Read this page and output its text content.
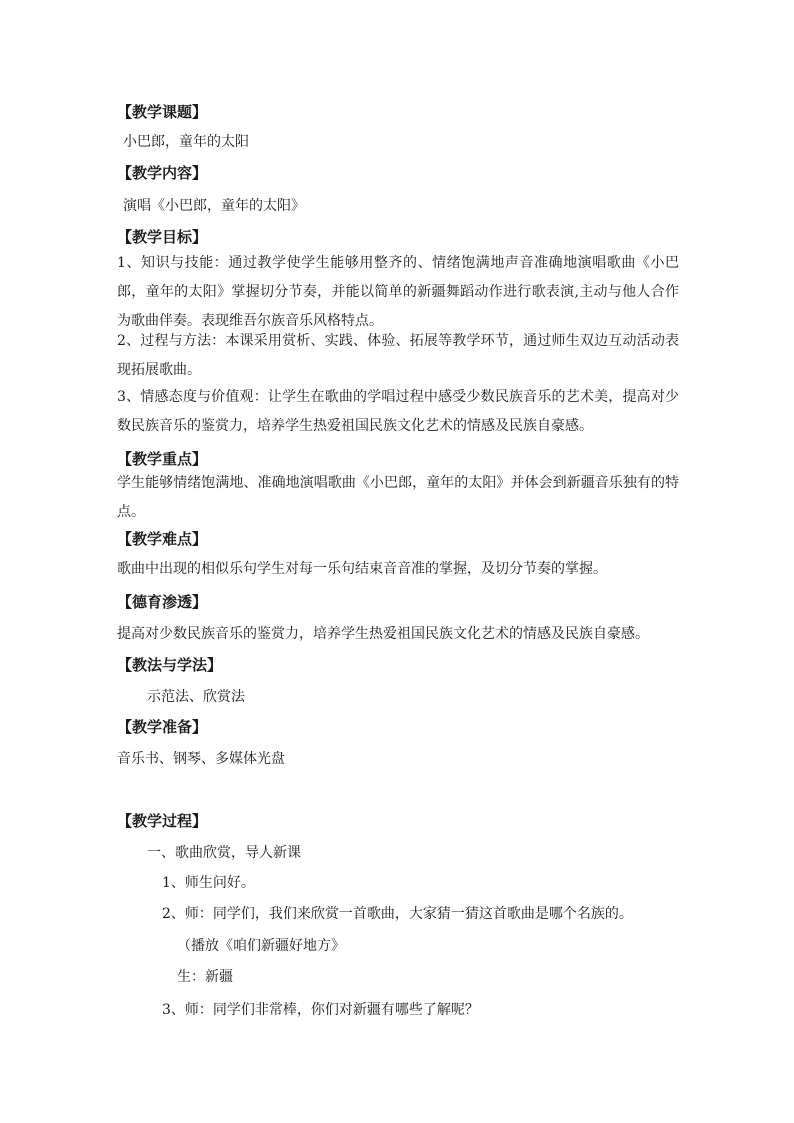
【教学课题】
小巴郎，童年的太阳
【教学内容】
演唱《小巴郎，童年的太阳》
【教学目标】
1、知识与技能：通过教学使学生能够用整齐的、情绪饱满地声音准确地演唱歌曲《小巴郎，童年的太阳》掌握切分节奏，并能以简单的新疆舞蹈动作进行歌表演,主动与他人合作为歌曲伴奏。表现维吾尔族音乐风格特点。
2、过程与方法：本课采用赏析、实践、体验、拓展等教学环节，通过师生双边互动活动表现拓展歌曲。
3、情感态度与价值观：让学生在歌曲的学唱过程中感受少数民族音乐的艺术美，提高对少数民族音乐的鉴赏力，培养学生热爱祖国民族文化艺术的情感及民族自豪感。
【教学重点】
学生能够情绪饱满地、准确地演唱歌曲《小巴郎，童年的太阳》并体会到新疆音乐独有的特点。
【教学难点】
歌曲中出现的相似乐句学生对每一乐句结束音音准的掌握，及切分节奏的掌握。
【德育渗透】
提高对少数民族音乐的鉴赏力，培养学生热爱祖国民族文化艺术的情感及民族自豪感。
【教法与学法】
示范法、欣赏法
【教学准备】
音乐书、钢琴、多媒体光盘
【教学过程】
一、歌曲欣赏，导人新课
1、师生问好。
2、师：同学们，我们来欣赏一首歌曲，大家猜一猜这首歌曲是哪个名族的。
（播放《咱们新疆好地方》
生：新疆
3、师：同学们非常棒，你们对新疆有哪些了解呢？
